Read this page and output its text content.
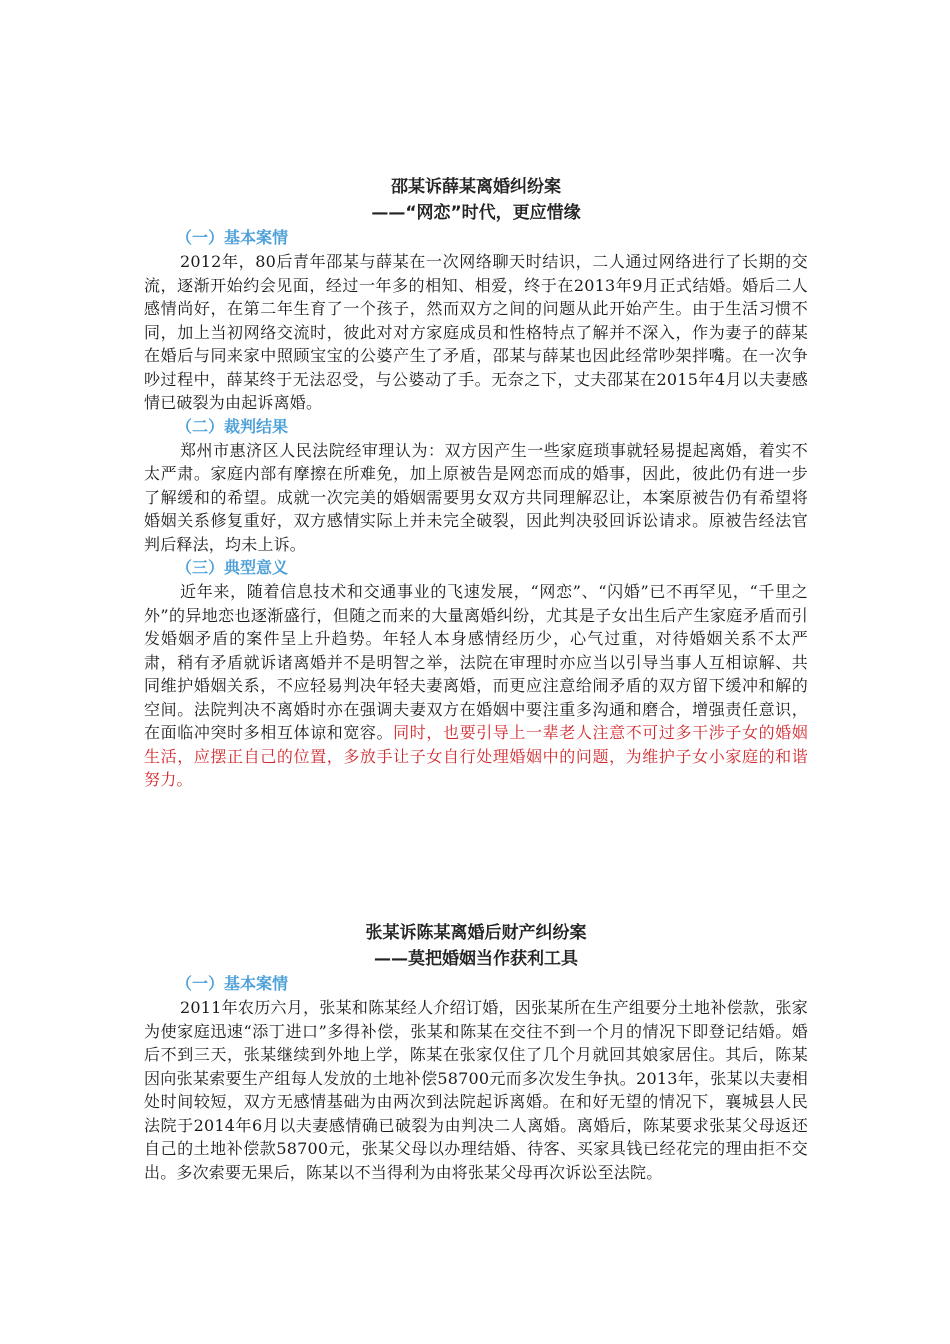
邵某诉薛某离婚纠纷案

——“网恋”时代，更应惜缘

（一）基本案情

2012年，80后青年邵某与薛某在一次网络聊天时结识，二人通过网络进行了长期的交流，逐渐开始约会见面，经过一年多的相知、相爱，终于在2013年9月正式结婚。婚后二人感情尚好，在第二年生育了一个孩子，然而双方之间的问题从此开始产生。由于生活习惯不同，加上当初网络交流时，彼此对对方家庭成员和性格特点了解并不深入，作为妻子的薛某在婚后与同来家中照顾宝宝的公婆产生了矛盾，邵某与薛某也因此经常吵架拌嘴。在一次争吵过程中，薛某终于无法忍受，与公婆动了手。无奈之下，丈夫邵某在2015年4月以夫妻感情已破裂为由起诉离婚。

（二）裁判结果

郑州市惠济区人民法院经审理认为：双方因产生一些家庭琐事就轻易提起离婚，着实不太严肃。家庭内部有摩擦在所难免，加上原被告是网恋而成的婚事，因此，彼此仍有进一步了解缓和的希望。成就一次完美的婚姻需要男女双方共同理解忍让，本案原被告仍有希望将婚姻关系修复重好，双方感情实际上并未完全破裂，因此判决驳回诉讼请求。原被告经法官判后释法，均未上诉。

（三）典型意义

近年来，随着信息技术和交通事业的飞速发展，“网恋”、“闪婚”已不再罕见，“千里之外”的异地恋也逐渐盛行，但随之而来的大量离婚纠纷，尤其是子女出生后产生家庭矛盾而引发婚姻矛盾的案件呈上升趋势。年轻人本身感情经历少，心气过重，对待婚姻关系不太严肃，稍有矛盾就诉诸离婚并不是明智之举，法院在审理时亦应当以引导当事人互相谅解、共同维护婚姻关系，不应轻易判决年轻夫妻离婚，而更应注意给闹矛盾的双方留下缓冲和解的空间。法院判决不离婚时亦在强调夫妻双方在婚姻中要注重多沟通和磨合，增强责任意识，在面临冲突时多相互体谅和宽容。同时，也要引导上一辈老人注意不可过多干涉子女的婚姻生活，应摆正自己的位置，多放手让子女自行处理婚姻中的问题，为维护子女小家庭的和谐努力。

张某诉陈某离婚后财产纠纷案

——莫把婚姻当作获利工具

（一）基本案情

2011年农历六月，张某和陈某经人介绍订婚，因张某所在生产组要分土地补偿款，张家为使家庭迅速“添丁进口”多得补偿，张某和陈某在交往不到一个月的情况下即登记结婚。婚后不到三天，张某继续到外地上学，陈某在张家仅住了几个月就回其娘家居住。其后，陈某因向张某索要生产组每人发放的土地补偿58700元而多次发生争执。2013年，张某以夫妻相处时间较短，双方无感情基础为由两次到法院起诉离婚。在和好无望的情况下，襄城县人民法院于2014年6月以夫妻感情确已破裂为由判决二人离婚。离婚后，陈某要求张某父母返还自己的土地补偿款58700元，张某父母以办理结婚、待客、买家具钱已经花完的理由拒不交出。多次索要无果后，陈某以不当得利为由将张某父母再次诉讼至法院。
